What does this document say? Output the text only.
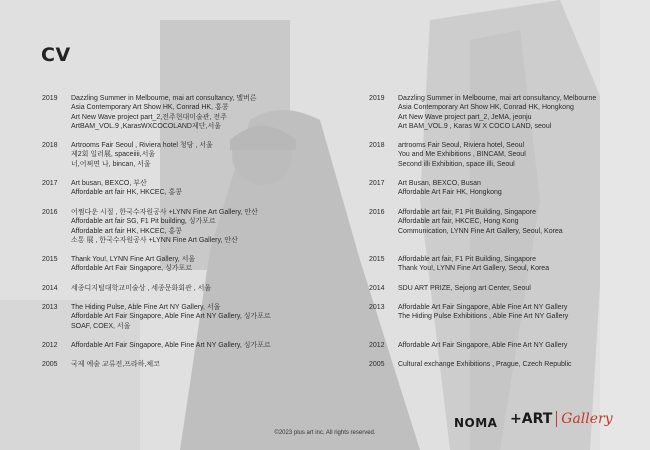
CV
2019	Dazzling Summer in Melbourne, mai art consultancy, 멜버른
Asia Contemporary Art Show HK, Conrad HK, 홍콩
Art New Wave project part_2,전주현대미술관, 전주
ArtBAM_VOL.9 ,KarasWXCOCOLAND제단,서울
2018	Artrooms Fair Seoul , Riviera hotel 청담 , 서울
제2회 일러展, spaceiiii,서울
너,어쩌면 나, bincan, 서울
2017	Art busan, BEXCO, 부산
Affordable art fair HK, HKCEC, 홍콩
2016	어쩜다운 시절 , 한국수자원공사 +LYNN Fine Art Gallery, 안산
Affordable art fair SG, F1 Pit building, 싱가포르
Affordable art fair HK, HKCEC, 홍콩
소통 展 , 한국수자원공사 +LYNN Fine Art Gallery, 안산
2015	Thank You!, LYNN Fine Art Gallery, 서울
Affordable Art Fair Singapore, 싱가포르
2014	세종디지털대학교미술상 , 세종문화회관 , 서울
2013	The Hiding Pulse, Able Fine Art NY Gallery, 서울
Affordable Art Fair Singapore, Able Fine Art NY Gallery, 싱가포르
SOAF, COEX, 서울
2012	Affordable Art Fair Singapore, Able Fine Art NY Gallery, 싱가포르
2005	국제 예술 교류전,프라하,체코
2019	Dazzling Summer in Melbourne, mai art consultancy, Melbourne
Asia Contemporary Art Show HK, Conrad HK, Hongkong
Art New Wave project part_2, JeMA, jeonju
Art BAM_VOL.9 , Karas W X COCO LAND, seoul
2018	artrooms Fair Seoul, Riviera hotel, Seoul
You and Me Exhibitions , BINCAM, Seoul
Second illi Exhibition, space illi, Seoul
2017	Art Busan, BEXCO, Busan
Affordable Art Fair HK, Hongkong
2016	Affordable art fair, F1 Pit Building, Singapore
Affordable art fair, HKCEC, Hong Kong
Communication, LYNN Fine Art Gallery, Seoul, Korea
2015	Affordable art fair, F1 Pit Building, Singapore
Thank You!, LYNN Fine Art Gallery, Seoul, Korea
2014	SDU ART PRIZE, Sejong art Center, Seoul
2013	Affordable Art Fair Singapore, Able Fine Art NY Gallery
The Hiding Pulse Exhibitions , Able Fine Art NY Gallery
2012	Affordable Art Fair Singapore, Able Fine Art NY Gallery
2005	Cultural exchange Exhibitions , Prague, Czech Republic
©2023 plus art inc. All rights reserved.
NOMA +ART Gallery
